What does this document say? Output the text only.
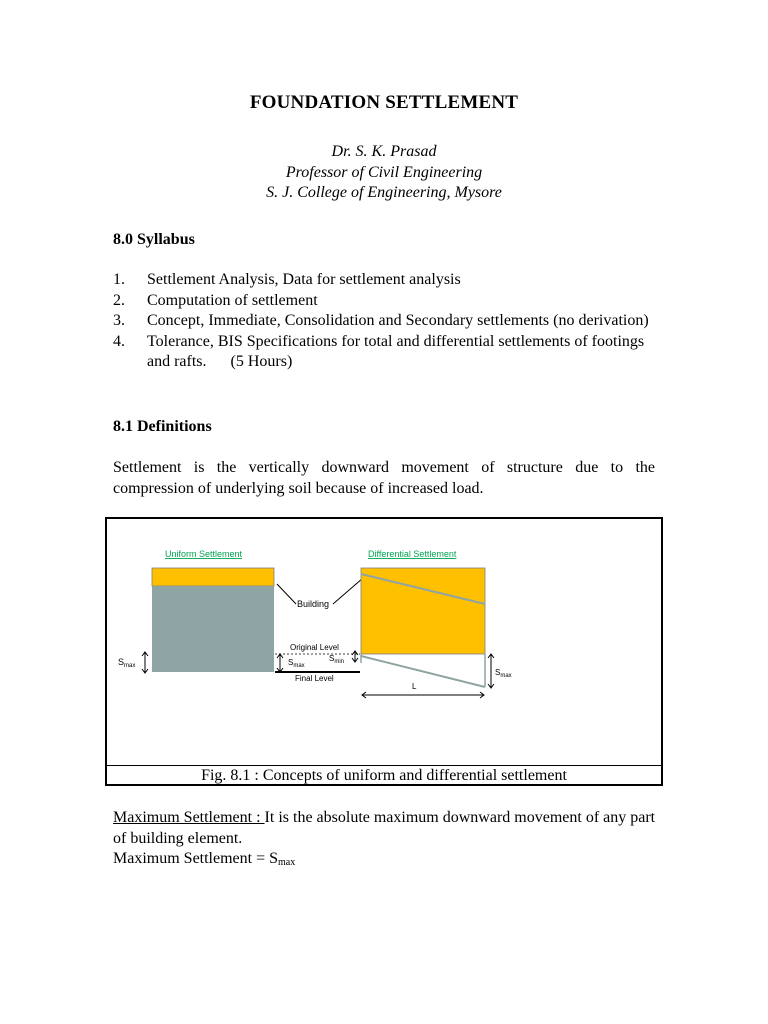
FOUNDATION SETTLEMENT
Dr. S. K. Prasad
Professor of Civil Engineering
S. J. College of Engineering, Mysore
8.0 Syllabus
1. Settlement Analysis, Data for settlement analysis
2. Computation of settlement
3. Concept, Immediate, Consolidation and Secondary settlements (no derivation)
4. Tolerance, BIS Specifications for total and differential settlements of footings and rafts.      (5 Hours)
8.1 Definitions
Settlement is the vertically downward movement of structure due to the compression of underlying soil because of increased load.
Uniform Settlement	Differential Settlement
$S_{max}$
Building
Original Level
Final Level
$S_{max}$
$S_{min}$
$S_{max}$
L
Fig. 8.1 : Concepts of uniform and differential settlement
Maximum Settlement : It is the absolute maximum downward movement of any part of building element.
Maximum Settlement = $S_{max}$
